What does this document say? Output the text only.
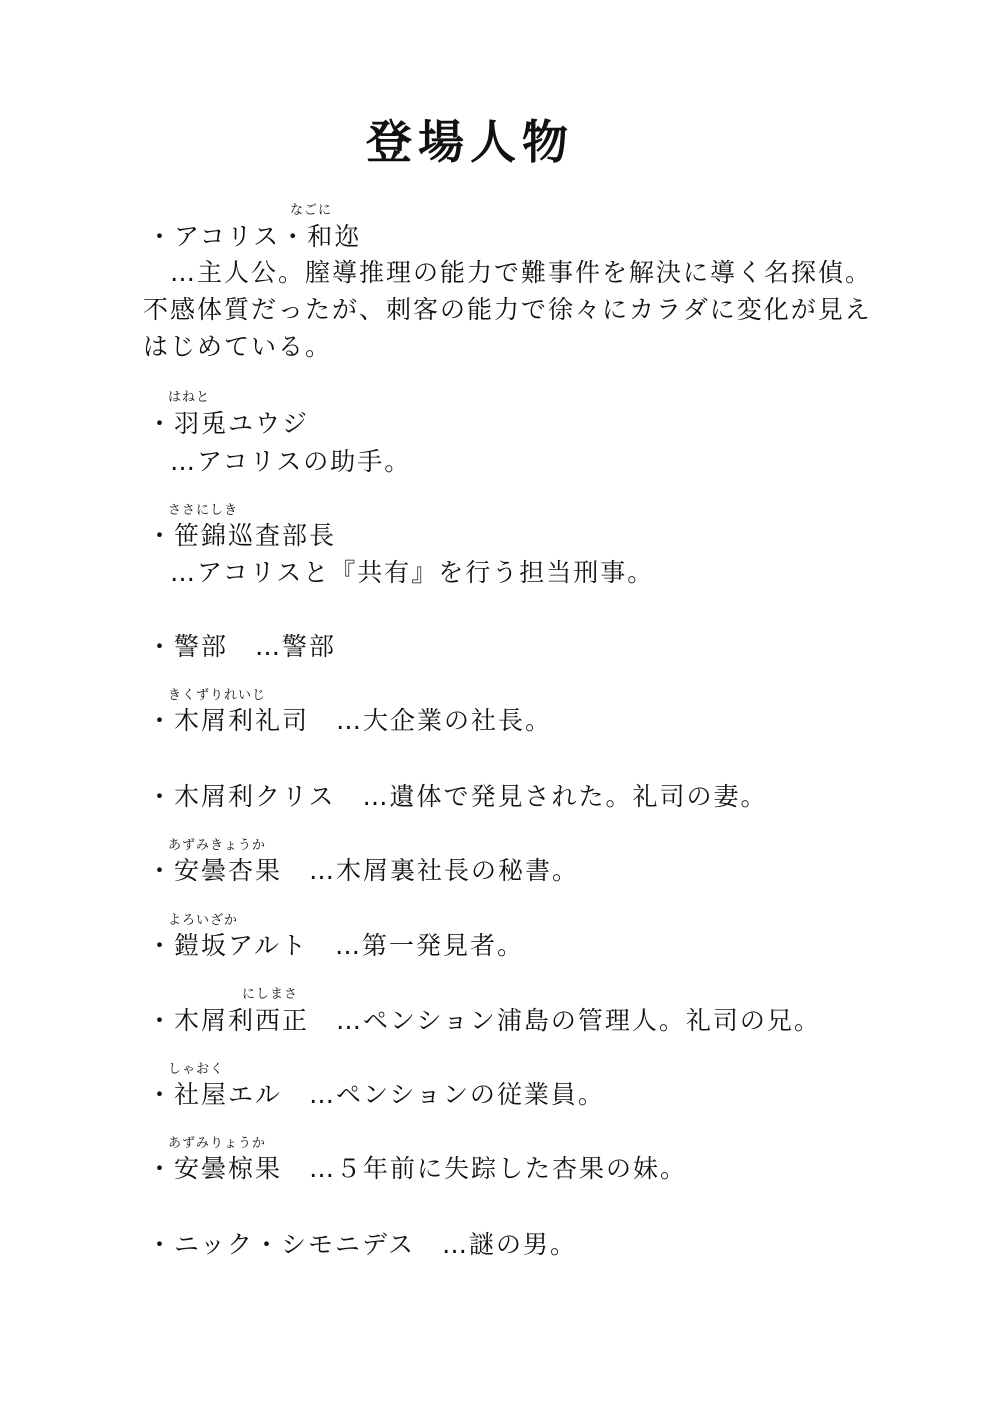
登場人物
なごに
・アコリス・和迩
…主人公。膣導推理の能力で難事件を解決に導く名探偵。
不感体質だったが、刺客の能力で徐々にカラダに変化が見え
はじめている。
はねと
・羽兎ユウジ
…アコリスの助手。
ささにしき
・笹錦巡査部長
…アコリスと『共有』を行う担当刑事。
・警部　…警部
きくずりれいじ
・木屑利礼司　…大企業の社長。
・木屑利クリス　…遺体で発見された。礼司の妻。
あずみきょうか
・安曇杏果　…木屑裏社長の秘書。
よろいざか
・鎧坂アルト　…第一発見者。
にしまさ
・木屑利西正　…ペンション浦島の管理人。礼司の兄。
しゃおく
・社屋エル　…ペンションの従業員。
あずみりょうか
・安曇椋果　…５年前に失踪した杏果の妹。
・ニック・シモニデス　…謎の男。
